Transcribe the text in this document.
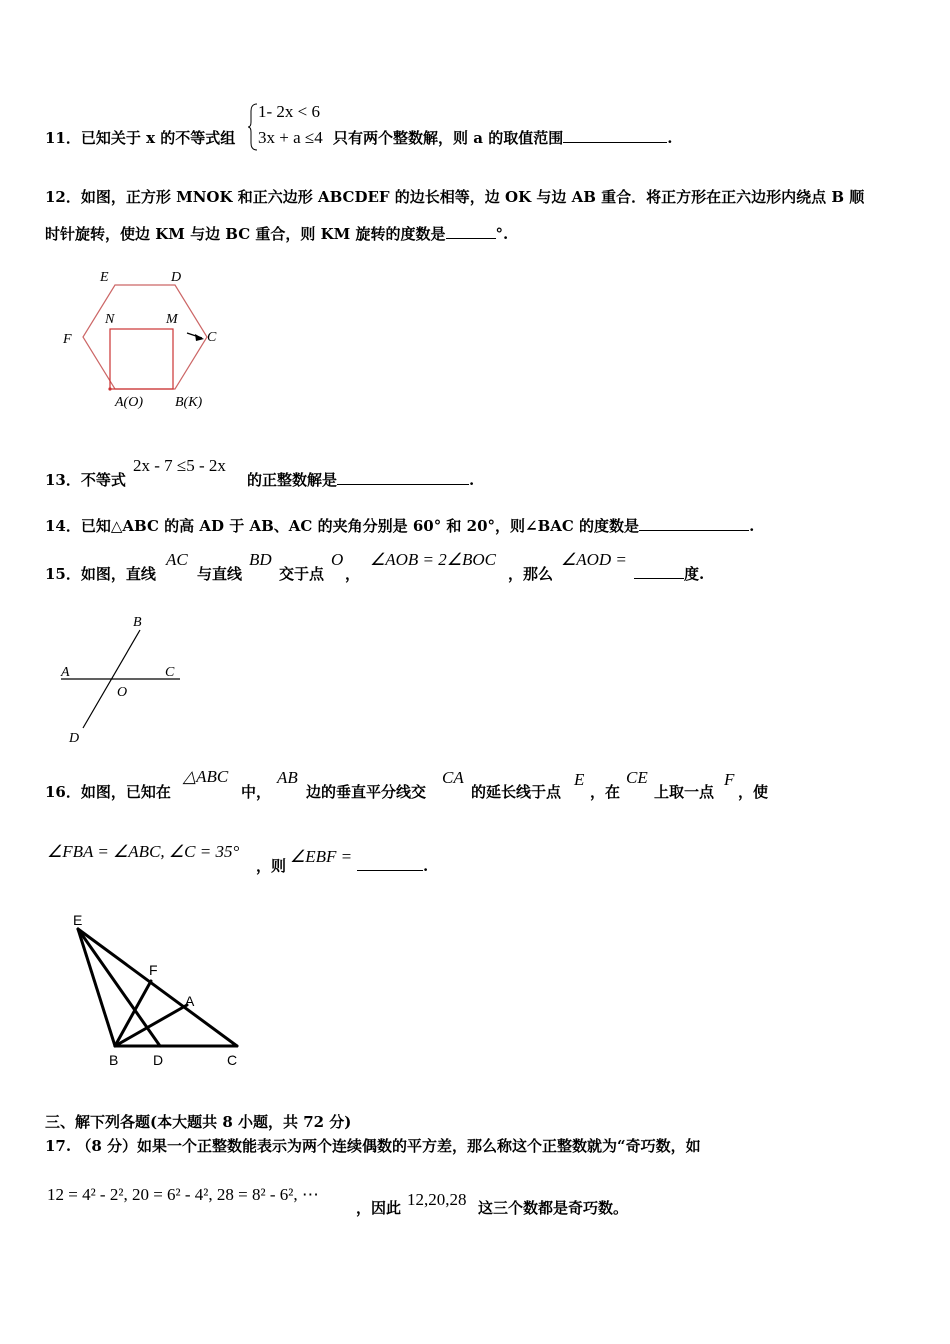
1- 2x < 6
3x + a ≤4
11．已知关于 x 的不等式组	只有两个整数解，则 a 的取值范围	.
12．如图，正方形 MNOK 和正六边形 ABCDEF 的边长相等，边 OK 与边 AB 重合．将正方形在正六边形内绕点 B 顺
时针旋转，使边 KM 与边 BC 重合，则 KM 旋转的度数是	°.
E	D
F	C
N	M
A(O) B(K)
13．不等式
2x - 7 ≤5 - 2x
的正整数解是	.
14．已知△ABC 的高 AD 于 AB、AC 的夹角分别是 60° 和 20°，则∠BAC 的度数是	.
15．如图，直线
AC
与直线
BD
交于点
O
，
∠AOB = 2∠BOC
，那么
∠AOD =
度.
B
A	C
O
D
16．如图，已知在
△ABC
中，
AB
边的垂直平分线交
CA
的延长线于点
E
，在
CE
上取一点
F
，使
∠FBA = ∠ABC, ∠C = 35°
，则 ∠EBF =	.
E
F
A
B D	C
三、解下列各题(本大题共 8 小题，共 72 分)
17. （8 分）如果一个正整数能表示为两个连续偶数的平方差，那么称这个正整数就为“奇巧数，如
12 = 4² - 2², 20 = 6² - 4², 28 = 8² - 6², ⋯
，因此 12,20,28 这三个数都是奇巧数。
